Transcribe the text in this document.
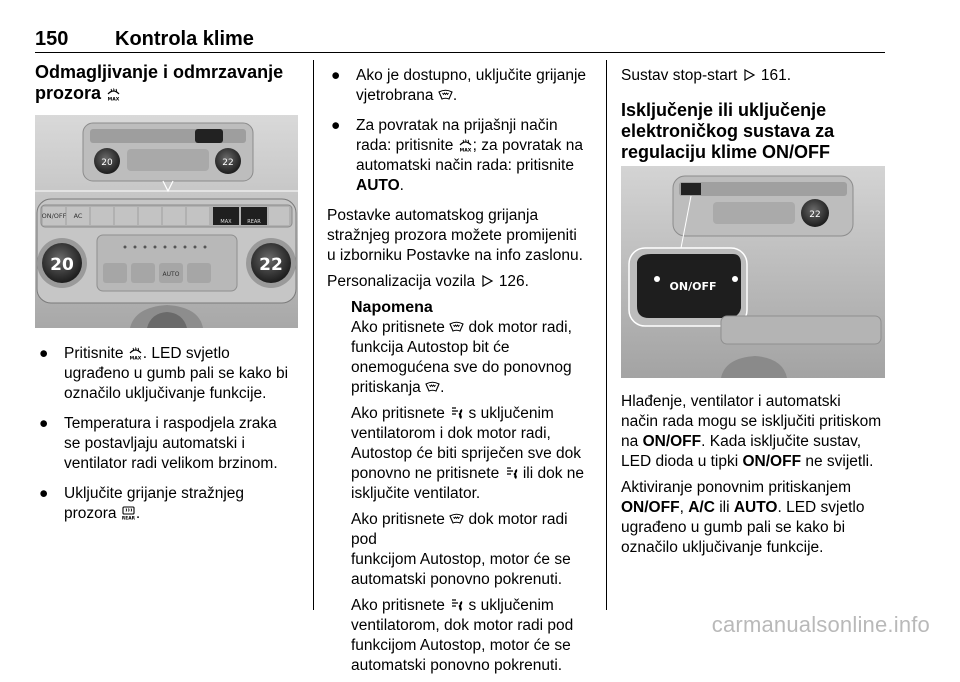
150 Kontrola klime
Odmagljivanje i odmrzavanje
prozora
20	22
ON/OFF AC
MAX	REAR
20	22
AUTO
● Pritisnite . LED svjetlo
ugrađeno u gumb pali se kako bi
označilo uključivanje funkcije.
● Temperatura i raspodjela zraka
se postavljaju automatski i
ventilator radi velikom brzinom.
● Uključite grijanje stražnjeg
prozora .
● Ako je dostupno, uključite grijanje
vjetrobrana .
● Za povratak na prijašnji način
rada: pritisnite ; za povratak na
automatski način rada: pritisnite
AUTO.

Postavke automatskog grijanja
stražnjeg prozora možete promijeniti
u izborniku Postavke na info zaslonu.

Personalizacija vozila 126.

Napomena

Ako pritisnete dok motor radi,
funkcija Autostop bit će
onemogućena sve do ponovnog
pritiskanja .

Ako pritisnete s uključenim
ventilatorom i dok motor radi,
Autostop će biti spriječen sve dok
ponovno ne pritisnete ili dok ne
isključite ventilator.

Ako pritisnete dok motor radi pod
funkcijom Autostop, motor će se
automatski ponovno pokrenuti.

Ako pritisnete s uključenim
ventilatorom, dok motor radi pod
funkcijom Autostop, motor će se
automatski ponovno pokrenuti.

Sustav stop-start 161.

Isključenje ili uključenje
elektroničkog sustava za
regulaciju klime ON/OFF
22
ON/OFF

Hlađenje, ventilator i automatski
način rada mogu se isključiti pritiskom
na ON/OFF. Kada isključite sustav,
LED dioda u tipki ON/OFF ne svijetli.

Aktiviranje ponovnim pritiskanjem
ON/OFF, A/C ili AUTO. LED svjetlo
ugrađeno u gumb pali se kako bi
označilo uključivanje funkcije.

carmanualsonline.info
